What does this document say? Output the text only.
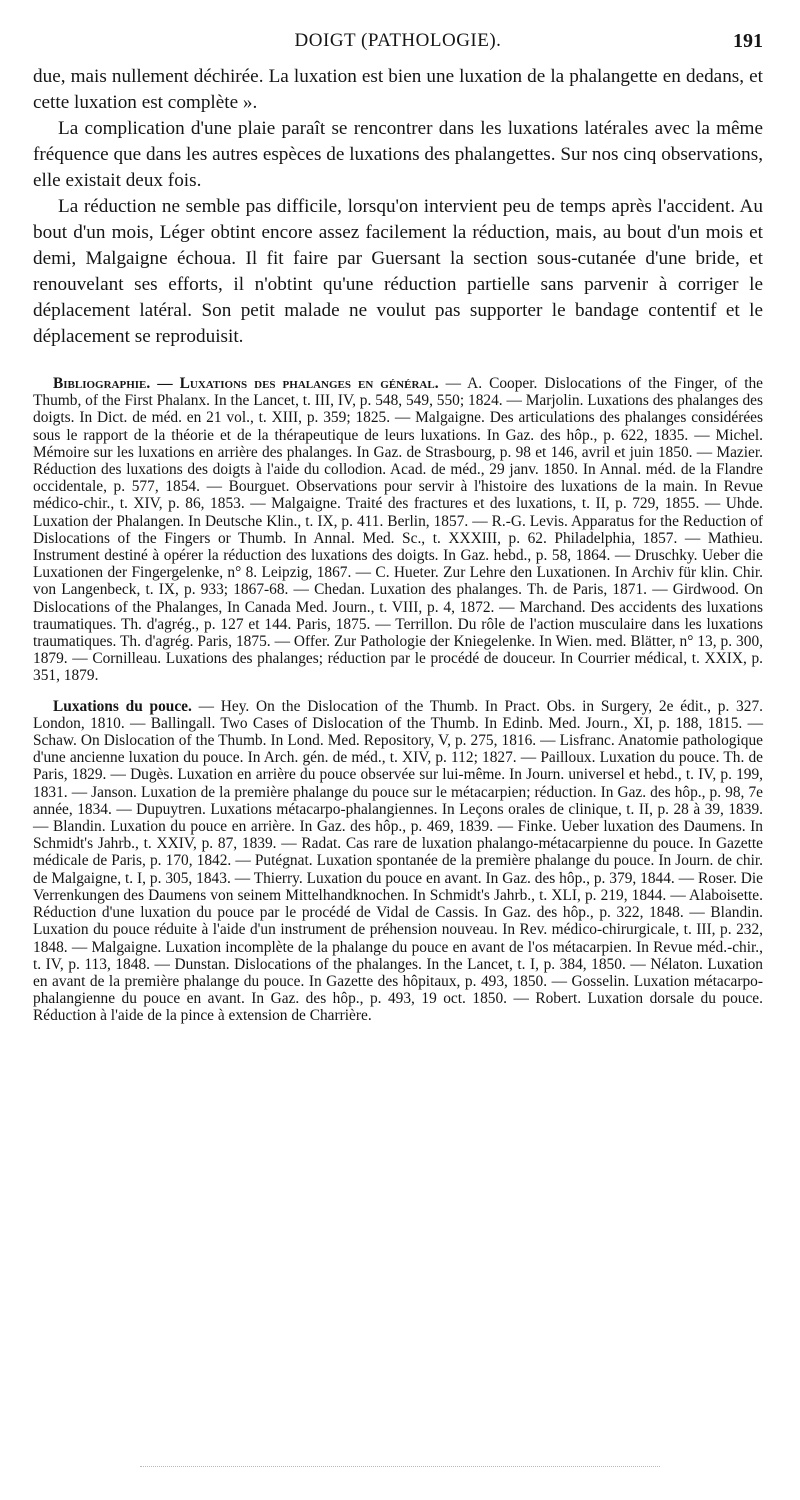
DOIGT (PATHOLOGIE).	191

due, mais nullement déchirée. La luxation est bien une luxation de la phalangette en dedans, et cette luxation est complète ».

La complication d'une plaie paraît se rencontrer dans les luxations latérales avec la même fréquence que dans les autres espèces de luxations des phalangettes. Sur nos cinq observations, elle existait deux fois.

La réduction ne semble pas difficile, lorsqu'on intervient peu de temps après l'accident. Au bout d'un mois, Léger obtint encore assez facilement la réduction, mais, au bout d'un mois et demi, Malgaigne échoua. Il fit faire par Guersant la section sous-cutanée d'une bride, et renouvelant ses efforts, il n'obtint qu'une réduction partielle sans parvenir à corriger le déplacement latéral. Son petit malade ne voulut pas supporter le bandage contentif et le déplacement se reproduisit.

Bibliographie. — Luxations des phalanges en général. — A. Cooper. Dislocations of the Finger, of the Thumb, of the First Phalanx. In the Lancet, t. III, IV, p. 548, 549, 550; 1824. — Marjolin. Luxations des phalanges des doigts. In Dict. de méd. en 21 vol., t. XIII, p. 359; 1825. — Malgaigne. Des articulations des phalanges considérées sous le rapport de la théorie et de la thérapeutique de leurs luxations. In Gaz. des hôp., p. 622, 1835. — Michel. Mémoire sur les luxations en arrière des phalanges. In Gaz. de Strasbourg, p. 98 et 146, avril et juin 1850. — Mazier. Réduction des luxations des doigts à l'aide du collodion. Acad. de méd., 29 janv. 1850. In Annal. méd. de la Flandre occidentale, p. 577, 1854. — Bourguet. Observations pour servir à l'histoire des luxations de la main. In Revue médico-chir., t. XIV, p. 86, 1853. — Malgaigne. Traité des fractures et des luxations, t. II, p. 729, 1855. — Uhde. Luxation der Phalangen. In Deutsche Klin., t. IX, p. 411. Berlin, 1857. — R.-G. Levis. Apparatus for the Reduction of Dislocations of the Fingers or Thumb. In Annal. Med. Sc., t. XXXIII, p. 62. Philadelphia, 1857. — Mathieu. Instrument destiné à opérer la réduction des luxations des doigts. In Gaz. hebd., p. 58, 1864. — Druschky. Ueber die Luxationen der Fingergelenke, n° 8. Leipzig, 1867. — C. Hueter. Zur Lehre den Luxationen. In Archiv für klin. Chir. von Langenbeck, t. IX, p. 933; 1867-68. — Chedan. Luxation des phalanges. Th. de Paris, 1871. — Girdwood. On Dislocations of the Phalanges, In Canada Med. Journ., t. VIII, p. 4, 1872. — Marchand. Des accidents des luxations traumatiques. Th. d'agrég., p. 127 et 144. Paris, 1875. — Terrillon. Du rôle de l'action musculaire dans les luxations traumatiques. Th. d'agrég. Paris, 1875. — Offer. Zur Pathologie der Kniegelenke. In Wien. med. Blätter, n° 13, p. 300, 1879. — Cornilleau. Luxations des phalanges; réduction par le procédé de douceur. In Courrier médical, t. XXIX, p. 351, 1879.

Luxations du pouce. — Hey. On the Dislocation of the Thumb. In Pract. Obs. in Surgery, 2e édit., p. 327. London, 1810. — Ballingall. Two Cases of Dislocation of the Thumb. In Edinb. Med. Journ., XI, p. 188, 1815. — Schaw. On Dislocation of the Thumb. In Lond. Med. Repository, V, p. 275, 1816. — Lisfranc. Anatomie pathologique d'une ancienne luxation du pouce. In Arch. gén. de méd., t. XIV, p. 112; 1827. — Pailloux. Luxation du pouce. Th. de Paris, 1829. — Dugès. Luxation en arrière du pouce observée sur lui-même. In Journ. universel et hebd., t. IV, p. 199, 1831. — Janson. Luxation de la première phalange du pouce sur le métacarpien; réduction. In Gaz. des hôp., p. 98, 7e année, 1834. — Dupuytren. Luxations métacarpo-phalangiennes. In Leçons orales de clinique, t. II, p. 28 à 39, 1839. — Blandin. Luxation du pouce en arrière. In Gaz. des hôp., p. 469, 1839. — Finke. Ueber luxation des Daumens. In Schmidt's Jahrb., t. XXIV, p. 87, 1839. — Radat. Cas rare de luxation phalango-métacarpienne du pouce. In Gazette médicale de Paris, p. 170, 1842. — Putégnat. Luxation spontanée de la première phalange du pouce. In Journ. de chir. de Malgaigne, t. I, p. 305, 1843. — Thierry. Luxation du pouce en avant. In Gaz. des hôp., p. 379, 1844. — Roser. Die Verrenkungen des Daumens von seinem Mittelhandknochen. In Schmidt's Jahrb., t. XLI, p. 219, 1844. — Alaboisette. Réduction d'une luxation du pouce par le procédé de Vidal de Cassis. In Gaz. des hôp., p. 322, 1848. — Blandin. Luxation du pouce réduite à l'aide d'un instrument de préhension nouveau. In Rev. médico-chirurgicale, t. III, p. 232, 1848. — Malgaigne. Luxation incomplète de la phalange du pouce en avant de l'os métacarpien. In Revue méd.-chir., t. IV, p. 113, 1848. — Dunstan. Dislocations of the phalanges. In the Lancet, t. I, p. 384, 1850. — Nélaton. Luxation en avant de la première phalange du pouce. In Gazette des hôpitaux, p. 493, 1850. — Gosselin. Luxation métacarpo-phalangienne du pouce en avant. In Gaz. des hôp., p. 493, 19 oct. 1850. — Robert. Luxation dorsale du pouce. Réduction à l'aide de la pince à extension de Charrière.
